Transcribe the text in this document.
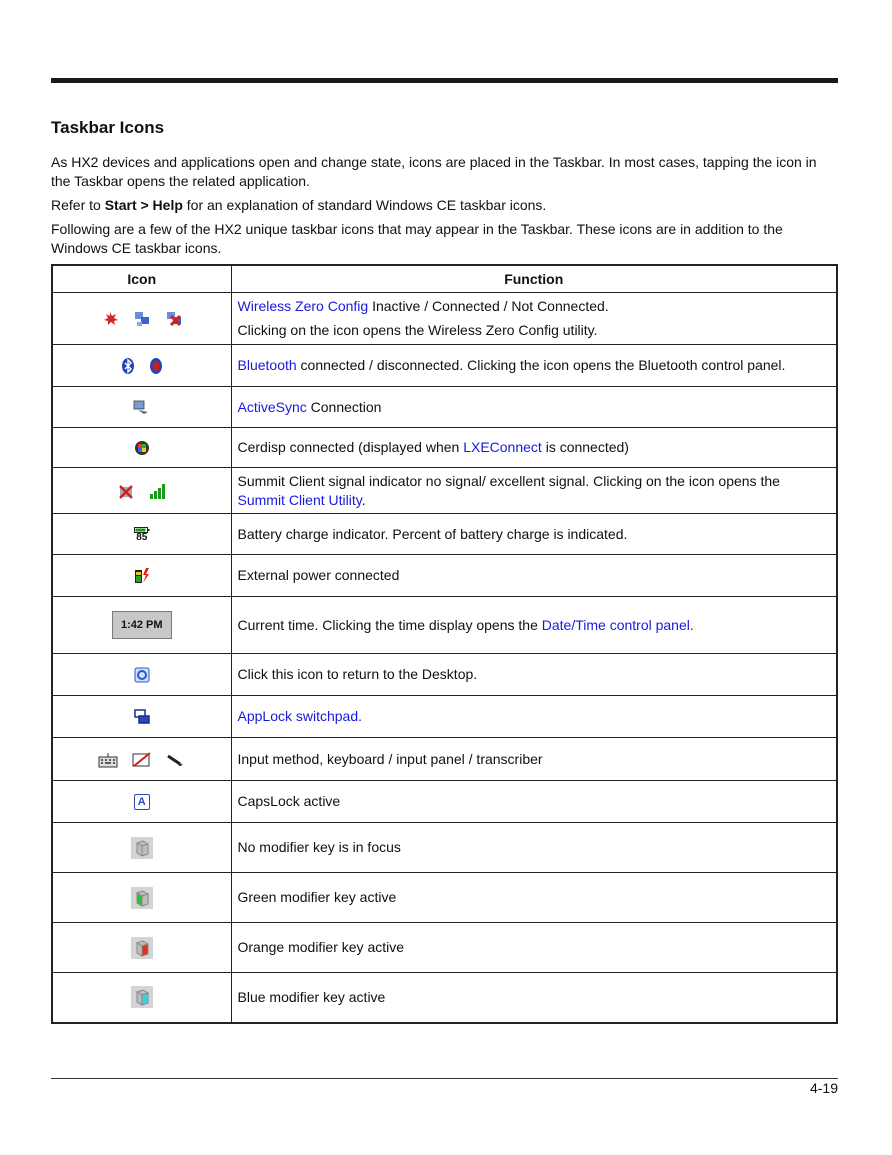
Taskbar Icons

As HX2 devices and applications open and change state, icons are placed in the Taskbar. In most cases, tapping the icon in the Taskbar opens the related application.

Refer to Start > Help for an explanation of standard Windows CE taskbar icons.

Following are a few of the HX2 unique taskbar icons that may appear in the Taskbar. These icons are in addition to the Windows CE taskbar icons.

Icon	Function
	Wireless Zero Config Inactive / Connected / Not Connected.
Clicking on the icon opens the Wireless Zero Config utility.

	Bluetooth connected / disconnected. Clicking the icon opens the Bluetooth control panel.
	ActiveSync Connection
	Cerdisp connected (displayed when LXEConnect is connected)
	Summit Client signal indicator no signal/ excellent signal. Clicking on the icon opens the Summit Client Utility.

85	Battery charge indicator. Percent of battery charge is indicated.
	External power connected
1:42 PM	Current time. Clicking the time display opens the Date/Time control panel.
	Click this icon to return to the Desktop.
	AppLock switchpad.
	Input method, keyboard / input panel / transcriber
A	CapsLock active
	No modifier key is in focus
	Green modifier key active
	Orange modifier key active
	Blue modifier key active
4-19
